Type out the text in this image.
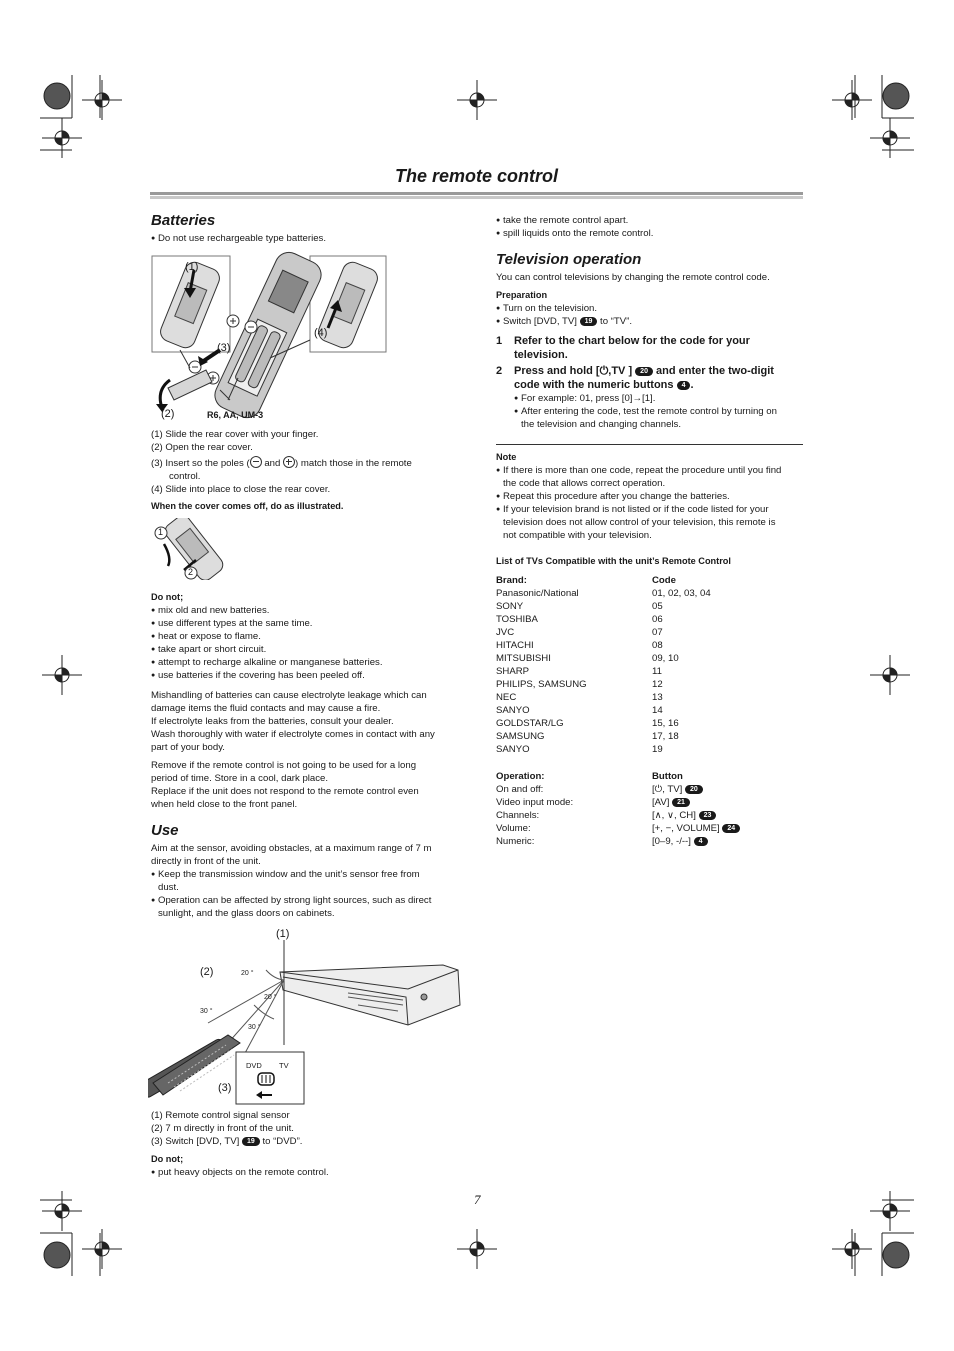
The remote control
Batteries
● Do not use rechargeable type batteries.
(1)
(3)
(4)
(2)	R6, AA, UM-3
(1) Slide the rear cover with your finger.
(2) Open the rear cover.
(3) Insert so the poles (
and
) match those in the remote
control.
(4) Slide into place to close the rear cover.
When the cover comes off, do as illustrated.
1
2
Do not;
● mix old and new batteries.
● use different types at the same time.
● heat or expose to flame.
● take apart or short circuit.
● attempt to recharge alkaline or manganese batteries.
● use batteries if the covering has been peeled off.
Mishandling of batteries can cause electrolyte leakage which can
damage items the fluid contacts and may cause a fire.
If electrolyte leaks from the batteries, consult your dealer.
Wash thoroughly with water if electrolyte comes in contact with any
part of your body.
Remove if the remote control is not going to be used for a long
period of time. Store in a cool, dark place.
Replace if the unit does not respond to the remote control even
when held close to the front panel.
Use
Aim at the sensor, avoiding obstacles, at a maximum range of 7 m
directly in front of the unit.
● Keep the transmission window and the unit’s sensor free from
dust.
● Operation can be affected by strong light sources, such as direct
sunlight, and the glass doors on cabinets.
(1)
(2)
(3)
20 °
20 °
30 °
30 °
DVD TV
(1) Remote control signal sensor
(2) 7 m directly in front of the unit.
(3) Switch [DVD, TV] 19 to “DVD”.
Do not;
● put heavy objects on the remote control.
● take the remote control apart.
● spill liquids onto the remote control.
Television operation
You can control televisions by changing the remote control code.
Preparation
● Turn on the television.
● Switch [DVD, TV] 19 to “TV”.
1 Refer to the chart below for the code for your
television.
2 Press and hold [⏻,TV ] 20 and enter the two-digit
code with the numeric buttons 4 .
● For example: 01, press [0]→[1].
● After entering the code, test the remote control by turning on
the television and changing channels.
Note
● If there is more than one code, repeat the procedure until you find
the code that allows correct operation.
● Repeat this procedure after you change the batteries.
● If your television brand is not listed or if the code listed for your
television does not allow control of your television, this remote is
not compatible with your television.
List of TVs Compatible with the unit’s Remote Control
Brand:	Code
Panasonic/National	01, 02, 03, 04
SONY	05
TOSHIBA	06
JVC	07
HITACHI	08
MITSUBISHI	09, 10
SHARP	11
PHILIPS, SAMSUNG	12
NEC	13
SANYO	14
GOLDSTAR/LG	15, 16
SAMSUNG	17, 18
SANYO	19
Operation:	Button
On and off:	[⏻, TV] 20
Video input mode:	[AV] 21
Channels:	[∧, ∨, CH] 23
Volume:	[+, −, VOLUME] 24
Numeric:	[0–9, -/--] 4
7
